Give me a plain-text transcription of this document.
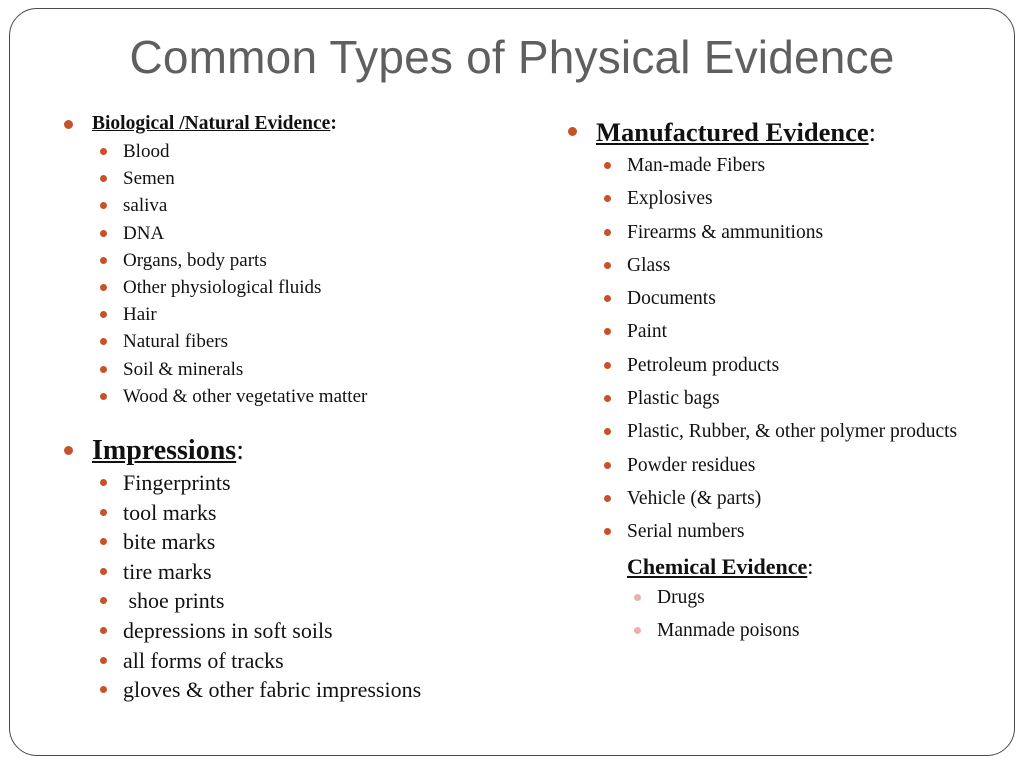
Common Types of Physical Evidence
Biological /Natural Evidence:
Blood
Semen
saliva
DNA
Organs, body parts
Other physiological fluids
Hair
Natural fibers
Soil & minerals
Wood & other vegetative matter
Impressions:
Fingerprints
tool marks
bite marks
tire marks
shoe prints
depressions in soft soils
all forms of tracks
gloves & other fabric impressions
Manufactured Evidence:
Man-made Fibers
Explosives
Firearms & ammunitions
Glass
Documents
Paint
Petroleum products
Plastic bags
Plastic, Rubber, & other polymer products
Powder residues
Vehicle (& parts)
Serial numbers
Chemical Evidence:
Drugs
Manmade poisons
